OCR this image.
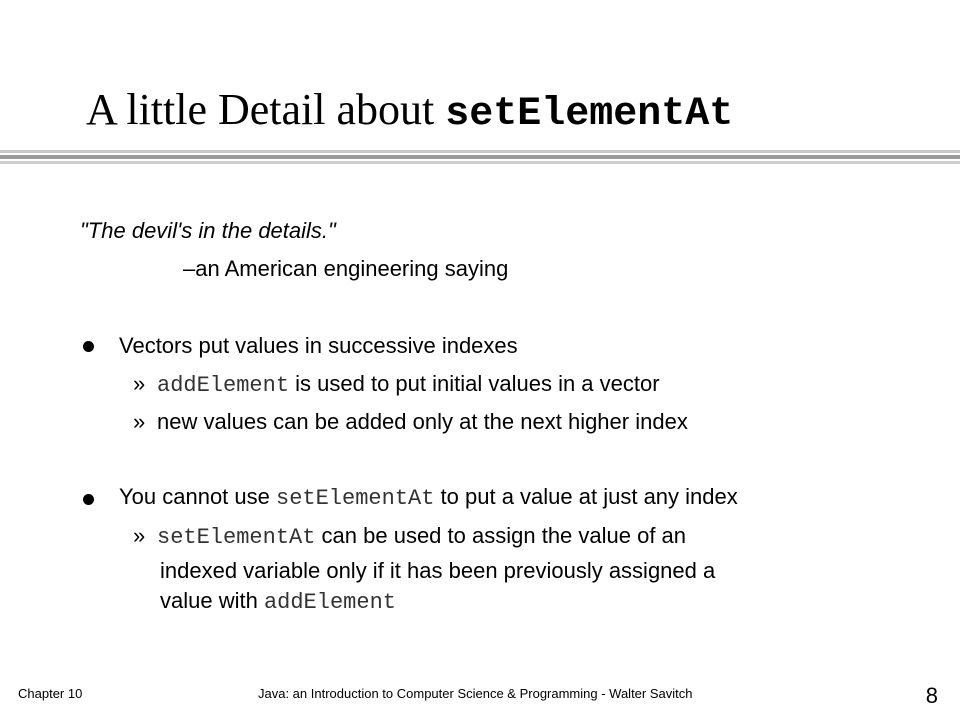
A little Detail about setElementAt
"The devil's in the details."
–an American engineering saying
Vectors put values in successive indexes
» addElement is used to put initial values in a vector
» new values can be added only at the next higher index
You cannot use setElementAt to put a value at just any index
» setElementAt can be used to assign the value of an
indexed variable only if it has been previously assigned a
value with addElement
Chapter 10	Java: an Introduction to Computer Science & Programming - Walter Savitch	8
